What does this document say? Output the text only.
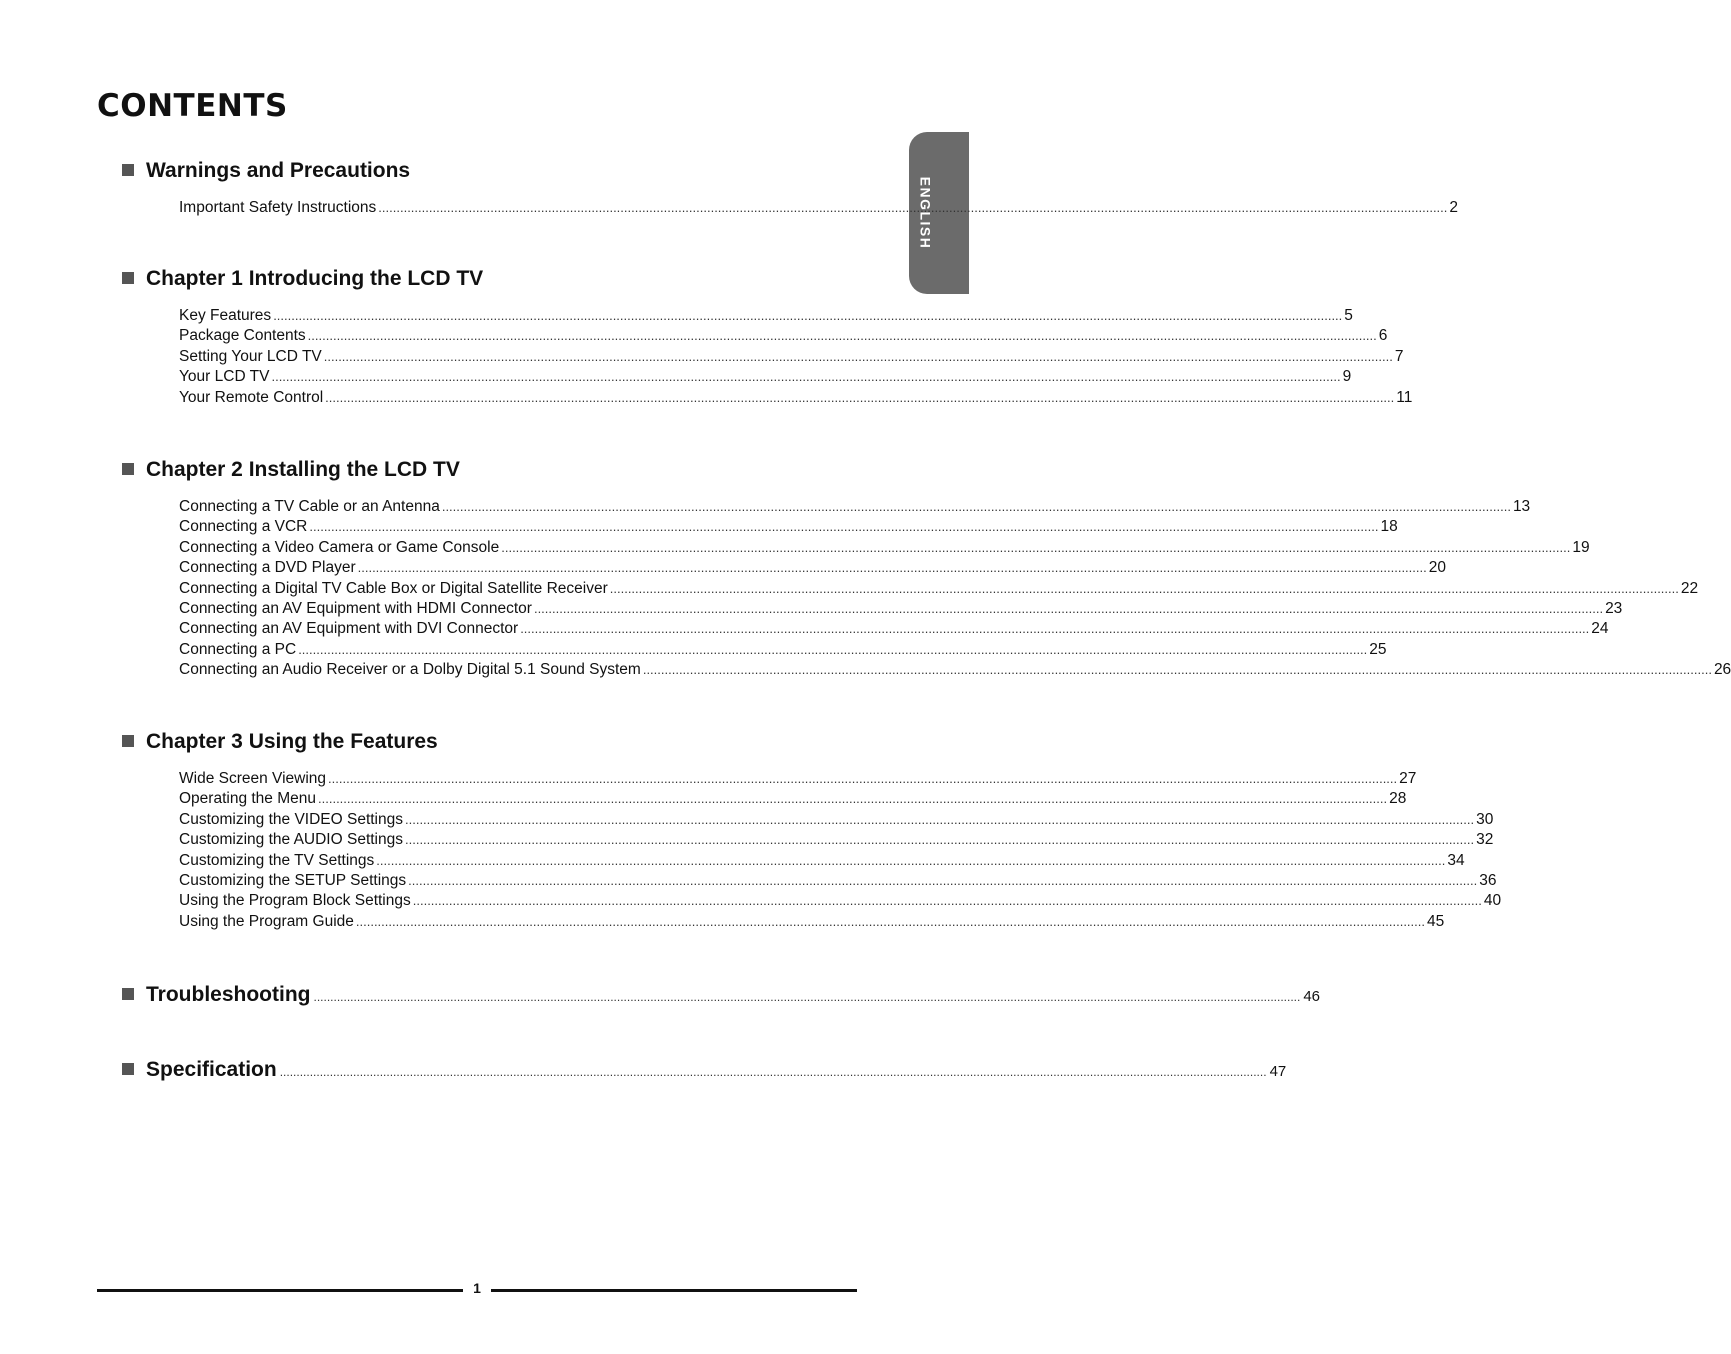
CONTENTS
ENGLISH
Warnings and Precautions
Important Safety Instructions ........................................................................................................................................................................................................................................................................................................ 2
Chapter 1 Introducing the LCD TV
Key Features ........................................................................................................................................................................................................................................................................................................ 5
Package Contents ........................................................................................................................................................................................................................................................................................................ 6
Setting Your LCD TV ........................................................................................................................................................................................................................................................................................................ 7
Your LCD TV ........................................................................................................................................................................................................................................................................................................ 9
Your Remote Control ........................................................................................................................................................................................................................................................................................................ 11
Chapter 2 Installing the LCD TV
Connecting a TV Cable or an Antenna ........................................................................................................................................................................................................................................................................................................ 13
Connecting a VCR ........................................................................................................................................................................................................................................................................................................ 18
Connecting a Video Camera or Game Console ........................................................................................................................................................................................................................................................................................................ 19
Connecting a DVD Player ........................................................................................................................................................................................................................................................................................................ 20
Connecting a Digital TV Cable Box or Digital Satellite Receiver ........................................................................................................................................................................................................................................................................................................ 22
Connecting an AV Equipment with HDMI Connector ........................................................................................................................................................................................................................................................................................................ 23
Connecting an AV Equipment with DVI Connector ........................................................................................................................................................................................................................................................................................................ 24
Connecting a PC ........................................................................................................................................................................................................................................................................................................ 25
Connecting an Audio Receiver or a Dolby Digital 5.1 Sound System ........................................................................................................................................................................................................................................................................................................ 26
Chapter 3 Using the Features
Wide Screen Viewing ........................................................................................................................................................................................................................................................................................................ 27
Operating the Menu ........................................................................................................................................................................................................................................................................................................ 28
Customizing the VIDEO Settings ........................................................................................................................................................................................................................................................................................................ 30
Customizing the AUDIO Settings ........................................................................................................................................................................................................................................................................................................ 32
Customizing the TV Settings ........................................................................................................................................................................................................................................................................................................ 34
Customizing the SETUP Settings ........................................................................................................................................................................................................................................................................................................ 36
Using the Program Block Settings ........................................................................................................................................................................................................................................................................................................ 40
Using the Program Guide ........................................................................................................................................................................................................................................................................................................ 45
Troubleshooting ........................................................................................................................................................................................................................................................................................................ 46
Specification ........................................................................................................................................................................................................................................................................................................ 47
1
